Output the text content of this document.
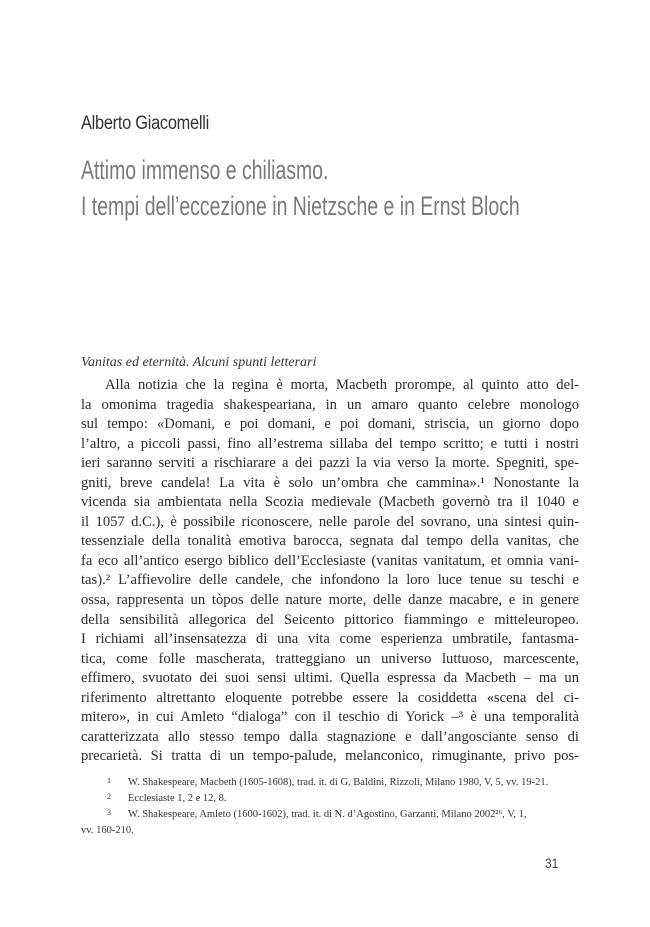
Alberto Giacomelli
Attimo immenso e chiliasmo.
I tempi dell’eccezione in Nietzsche e in Ernst Bloch
Vanitas ed eternità. Alcuni spunti letterari
Alla notizia che la regina è morta, Macbeth prorompe, al quinto atto del-
la omonima tragedia shakespeariana, in un amaro quanto celebre monologo
sul tempo: «Domani, e poi domani, e poi domani, striscia, un giorno dopo
l’altro, a piccoli passi, fino all’estrema sillaba del tempo scritto; e tutti i nostri
ieri saranno serviti a rischiarare a dei pazzi la via verso la morte. Spegniti, spe-
gniti, breve candela! La vita è solo un’ombra che cammina».¹ Nonostante la
vicenda sia ambientata nella Scozia medievale (Macbeth governò tra il 1040 e
il 1057 d.C.), è possibile riconoscere, nelle parole del sovrano, una sintesi quin-
tessenziale della tonalità emotiva barocca, segnata dal tempo della vanitas, che
fa eco all’antico esergo biblico dell’Ecclesiaste (vanitas vanitatum, et omnia vani-
tas).² L’affievolire delle candele, che infondono la loro luce tenue su teschi e
ossa, rappresenta un tòpos delle nature morte, delle danze macabre, e in genere
della sensibilità allegorica del Seicento pittorico fiammingo e mitteleuropeo.
I richiami all’insensatezza di una vita come esperienza umbratile, fantasma-
tica, come folle mascherata, tratteggiano un universo luttuoso, marcescente,
effimero, svuotato dei suoi sensi ultimi. Quella espressa da Macbeth – ma un
riferimento altrettanto eloquente potrebbe essere la cosiddetta «scena del ci-
mitero», in cui Amleto “dialoga” con il teschio di Yorick –³ è una temporalità
caratterizzata allo stesso tempo dalla stagnazione e dall’angosciante senso di
precarietà. Si tratta di un tempo-palude, melanconico, rimuginante, privo pos-
1 W. Shakespeare, Macbeth (1605-1608), trad. it. di G. Baldini, Rizzoli, Milano 1980, V, 5, vv. 19-21.
2 Ecclesiaste 1, 2 e 12, 8.
3 W. Shakespeare, Amleto (1600-1602), trad. it. di N. d’Agostino, Garzanti, Milano 2002²⁶, V, 1,
vv. 160-210.
31
